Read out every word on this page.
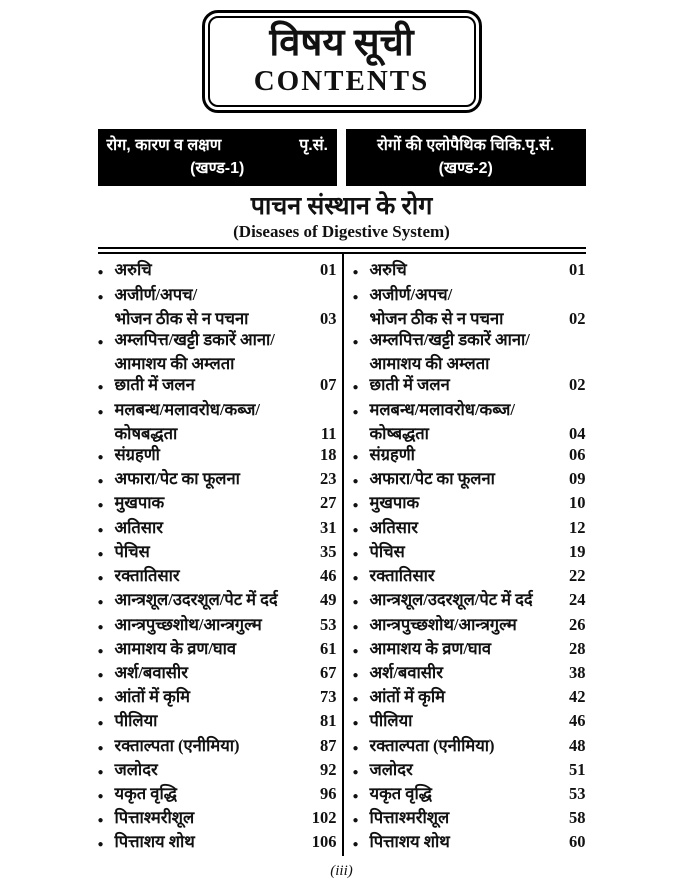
विषय सूची
CONTENTS
रोग, कारण व लक्षण	पृ.सं.
(खण्ड-1)
रोगों की एलोपैथिक चिकि.पृ.सं.
(खण्ड-2)
पाचन संस्थान के रोग
(Diseases of Digestive System)
● अरुचि	01
● अजीर्ण/अपच/
भोजन ठीक से न पचना	03
● अम्लपित्त/खट्टी डकारें आना/
आमाशय की अम्लता
● छाती में जलन	07
● मलबन्ध/मलावरोध/कब्ज/
कोषबद्धता	11
● संग्रहणी	18
● अफारा/पेट का फूलना	23
● मुखपाक	27
● अतिसार	31
● पेचिस	35
● रक्तातिसार	46
● आन्त्रशूल/उदरशूल/पेट में दर्द	49
● आन्त्रपुच्छशोथ/आन्त्रगुल्म	53
● आमाशय के व्रण/घाव	61
● अर्श/बवासीर	67
● आंतों में कृमि	73
● पीलिया	81
● रक्ताल्पता (एनीमिया)	87
● जलोदर	92
● यकृत वृद्धि	96
● पित्ताश्मरीशूल	102
● पित्ताशय शोथ	106
● अरुचि	01
● अजीर्ण/अपच/
भोजन ठीक से न पचना	02
● अम्लपित्त/खट्टी डकारें आना/
आमाशय की अम्लता
● छाती में जलन	02
● मलबन्ध/मलावरोध/कब्ज/
कोष्बद्धता	04
● संग्रहणी	06
● अफारा/पेट का फूलना	09
● मुखपाक	10
● अतिसार	12
● पेचिस	19
● रक्तातिसार	22
● आन्त्रशूल/उदरशूल/पेट में दर्द	24
● आन्त्रपुच्छशोथ/आन्त्रगुल्म	26
● आमाशय के व्रण/घाव	28
● अर्श/बवासीर	38
● आंतों में कृमि	42
● पीलिया	46
● रक्ताल्पता (एनीमिया)	48
● जलोदर	51
● यकृत वृद्धि	53
● पित्ताश्मरीशूल	58
● पित्ताशय शोथ	60
(iii)
